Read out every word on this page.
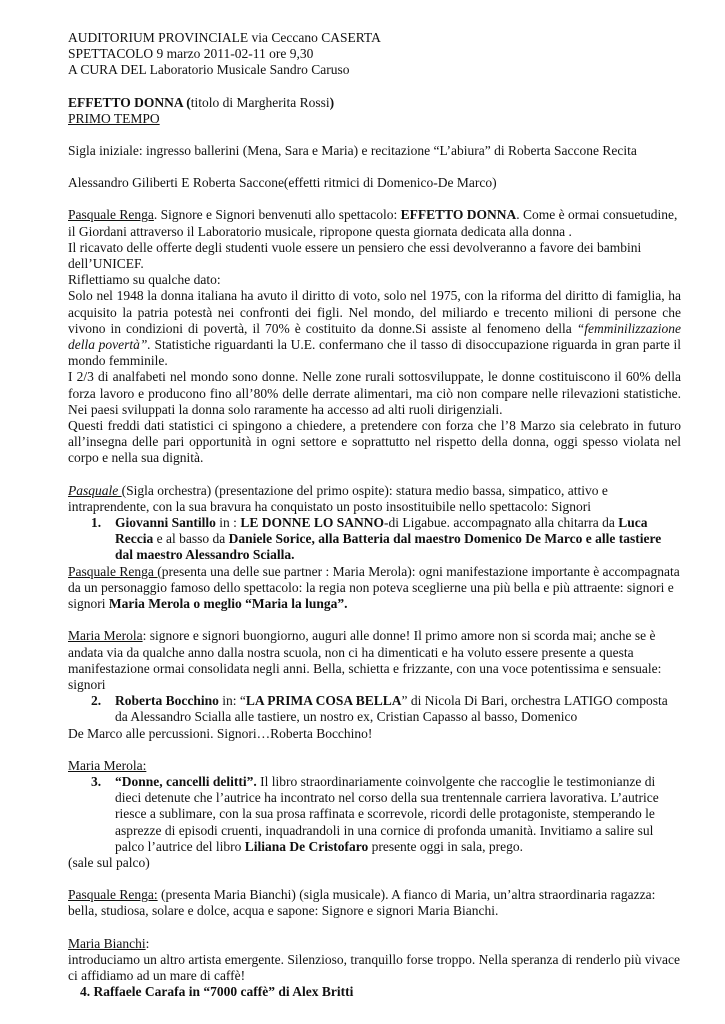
AUDITORIUM PROVINCIALE via Ceccano CASERTA

SPETTACOLO 9 marzo 2011-02-11 ore 9,30

A CURA DEL Laboratorio Musicale Sandro Caruso

EFFETTO DONNA (titolo di Margherita Rossi)

PRIMO TEMPO

Sigla iniziale: ingresso ballerini (Mena, Sara e Maria) e recitazione “L’abiura” di Roberta Saccone Recita

Alessandro Giliberti E Roberta Saccone(effetti ritmici di Domenico-De Marco)

Pasquale Renga. Signore e Signori benvenuti allo spettacolo: EFFETTO DONNA. Come è ormai consuetudine, il Giordani attraverso il Laboratorio musicale, ripropone questa giornata dedicata alla donna .

Il ricavato delle offerte degli studenti vuole essere un pensiero che essi devolveranno a favore dei bambini dell’UNICEF.

Riflettiamo su qualche dato:

Solo nel 1948 la donna italiana ha avuto il diritto di voto, solo nel 1975, con la riforma del diritto di famiglia, ha acquisito la patria potestà nei confronti dei figli. Nel mondo, del miliardo e trecento milioni di persone che vivono in condizioni di povertà, il 70% è costituito da donne.Si assiste al fenomeno della “femminilizzazione della povertà”. Statistiche riguardanti la U.E. confermano che il tasso di disoccupazione riguarda in gran parte il mondo femminile.

I 2/3 di analfabeti nel mondo sono donne. Nelle zone rurali sottosviluppate, le donne costituiscono il 60% della forza lavoro e producono fino all’80% delle derrate alimentari, ma ciò non compare nelle rilevazioni statistiche. Nei paesi sviluppati la donna solo raramente ha accesso ad alti ruoli dirigenziali.

Questi freddi dati statistici ci spingono a chiedere, a pretendere con forza che l’8 Marzo sia celebrato in futuro all’insegna delle pari opportunità in ogni settore e soprattutto nel rispetto della donna, oggi spesso violata nel corpo e nella sua dignità.

Pasquale (Sigla orchestra) (presentazione del primo ospite): statura medio bassa, simpatico, attivo e intraprendente, con la sua bravura ha conquistato un posto insostituibile nello spettacolo: Signori

1. Giovanni Santillo in : LE DONNE LO SANNO-di Ligabue. accompagnato alla chitarra da Luca Reccia e al basso da Daniele Sorice, alla Batteria dal maestro Domenico De Marco e alle tastiere dal maestro Alessandro Scialla.

Pasquale Renga (presenta una delle sue partner : Maria Merola): ogni manifestazione importante è accompagnata da un personaggio famoso dello spettacolo: la regia non poteva sceglierne una più bella e più attraente: signori e signori Maria Merola o meglio “Maria la lunga”.

Maria Merola: signore e signori buongiorno, auguri alle donne! Il primo amore non si scorda mai; anche se è andata via da qualche anno dalla nostra scuola, non ci ha dimenticati e ha voluto essere presente a questa manifestazione ormai consolidata negli anni. Bella, schietta e frizzante, con una voce potentissima e sensuale: signori

2. Roberta Bocchino in: “LA PRIMA COSA BELLA” di Nicola Di Bari, orchestra LATIGO composta da Alessandro Scialla alle tastiere, un nostro ex, Cristian Capasso al basso, Domenico

De Marco alle percussioni. Signori…Roberta Bocchino!

Maria Merola:

3. “Donne, cancelli delitti”. Il libro straordinariamente coinvolgente che raccoglie le testimonianze di dieci detenute che l’autrice ha incontrato nel corso della sua trentennale carriera lavorativa. L’autrice riesce a sublimare, con la sua prosa raffinata e scorrevole, ricordi delle protagoniste, stemperando le asprezze di episodi cruenti, inquadrandoli in una cornice di profonda umanità. Invitiamo a salire sul palco l’autrice del libro Liliana De Cristofaro presente oggi in sala, prego.

(sale sul palco)

Pasquale Renga: (presenta Maria Bianchi) (sigla musicale). A fianco di Maria, un’altra straordinaria ragazza: bella, studiosa, solare e dolce, acqua e sapone: Signore e signori Maria Bianchi.

Maria Bianchi:

introduciamo un altro artista emergente. Silenzioso, tranquillo forse troppo. Nella speranza di renderlo più vivace ci affidiamo ad un mare di caffè!

4. Raffaele Carafa in “7000 caffè” di Alex Britti
